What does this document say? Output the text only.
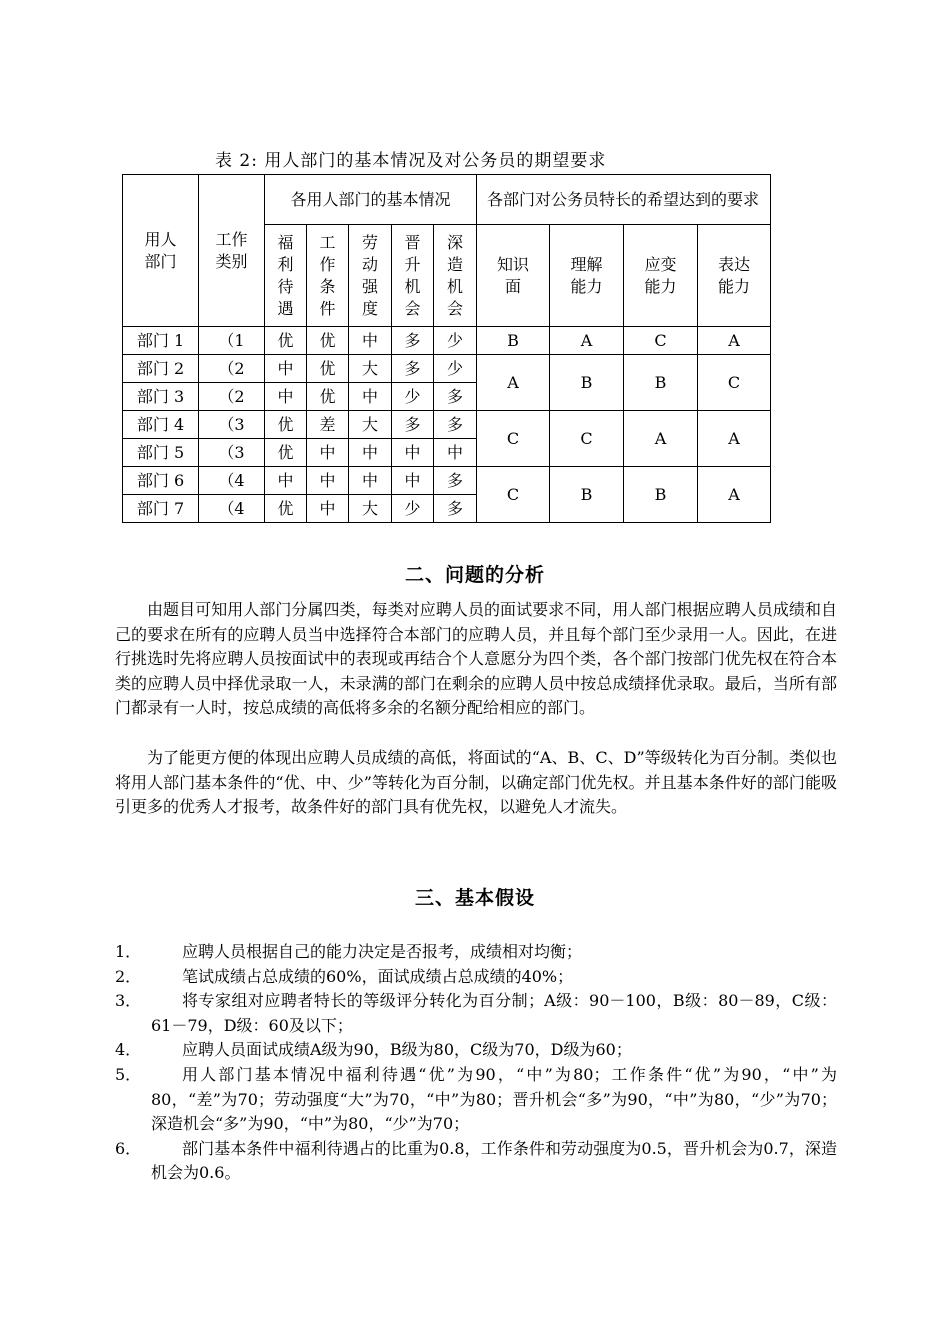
表 2: 用人部门的基本情况及对公务员的期望要求
用人部门	工作类别	各用人部门的基本情况					各部门对公务员特长的希望达到的要求			
		福利待遇	工作条件	劳动强度	晋升机会	深造机会	知识面	理解能力	应变能力	表达能力
部门 1	（1	优	优	中	多	少	B	A	C	A
部门 2	（2	中	优	大	多	少	A	B	B	C
部门 3	（2	中	优	中	少	多				
部门 4	（3	优	差	大	多	多	C	C	A	A
部门 5	（3	优	中	中	中	中				
部门 6	（4	中	中	中	中	多	C	B	B	A
部门 7	（4	优	中	大	少	多				
二、问题的分析

由题目可知用人部门分属四类，每类对应聘人员的面试要求不同，用人部门根据应聘人员成绩和自己的要求在所有的应聘人员当中选择符合本部门的应聘人员，并且每个部门至少录用一人。因此，在进行挑选时先将应聘人员按面试中的表现或再结合个人意愿分为四个类，各个部门按部门优先权在符合本类的应聘人员中择优录取一人，未录满的部门在剩余的应聘人员中按总成绩择优录取。最后，当所有部门都录有一人时，按总成绩的高低将多余的名额分配给相应的部门。

为了能更方便的体现出应聘人员成绩的高低，将面试的“A、B、C、D”等级转化为百分制。类似也将用人部门基本条件的“优、中、少”等转化为百分制，以确定部门优先权。并且基本条件好的部门能吸引更多的优秀人才报考，故条件好的部门具有优先权，以避免人才流失。

三、基本假设
1．	应聘人员根据自己的能力决定是否报考，成绩相对均衡；
2．	笔试成绩占总成绩的60%，面试成绩占总成绩的40%；
3．	将专家组对应聘者特长的等级评分转化为百分制；A级：90－100，B级：80－89，C级：61－79，D级：60及以下；
4．	应聘人员面试成绩A级为90，B级为80，C级为70，D级为60；
5．	用人部门基本情况中福利待遇“优”为90，“中”为80；工作条件“优”为90，“中”为80，“差”为70；劳动强度“大”为70，“中”为80；晋升机会“多”为90，“中”为80，“少”为70；深造机会“多”为90，“中”为80，“少”为70；
6．	部门基本条件中福利待遇占的比重为0.8，工作条件和劳动强度为0.5，晋升机会为0.7，深造机会为0.6。
